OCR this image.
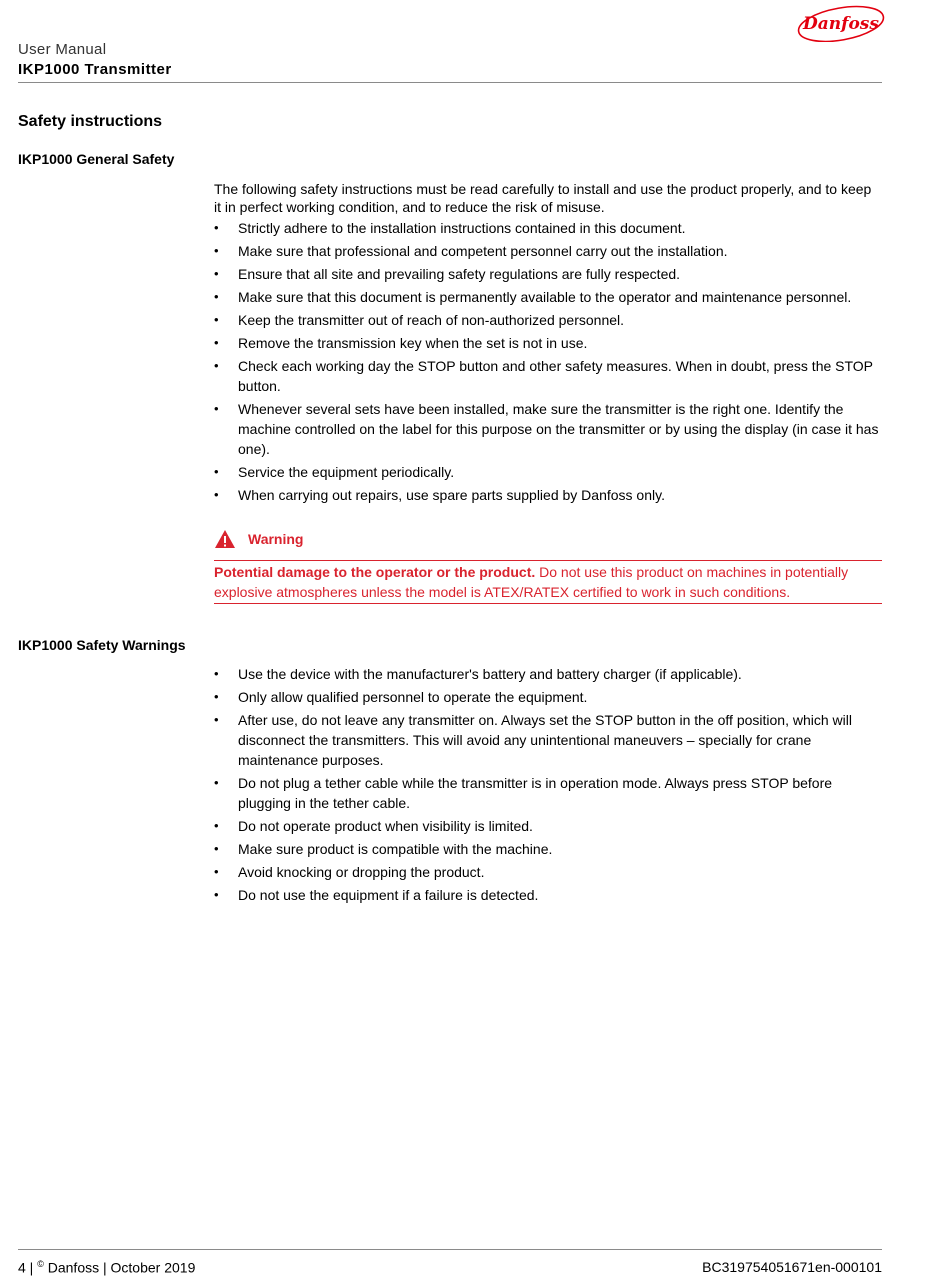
Danfoss
User Manual
IKP1000 Transmitter
Safety instructions
IKP1000 General Safety

The following safety instructions must be read carefully to install and use the product properly, and to keep it in perfect working condition, and to reduce the risk of misuse.

• Strictly adhere to the installation instructions contained in this document.
• Make sure that professional and competent personnel carry out the installation.
• Ensure that all site and prevailing safety regulations are fully respected.
• Make sure that this document is permanently available to the operator and maintenance personnel.
• Keep the transmitter out of reach of non-authorized personnel.
• Remove the transmission key when the set is not in use.
• Check each working day the STOP button and other safety measures. When in doubt, press the STOP button.
• Whenever several sets have been installed, make sure the transmitter is the right one. Identify the machine controlled on the label for this purpose on the transmitter or by using the display (in case it has one).
• Service the equipment periodically.
• When carrying out repairs, use spare parts supplied by Danfoss only.
Warning

Potential damage to the operator or the product. Do not use this product on machines in potentially explosive atmospheres unless the model is ATEX/RATEX certified to work in such conditions.

IKP1000 Safety Warnings
• Use the device with the manufacturer's battery and battery charger (if applicable).
• Only allow qualified personnel to operate the equipment.
• After use, do not leave any transmitter on. Always set the STOP button in the off position, which will disconnect the transmitters. This will avoid any unintentional maneuvers – specially for crane maintenance purposes.
• Do not plug a tether cable while the transmitter is in operation mode. Always press STOP before plugging in the tether cable.
• Do not operate product when visibility is limited.
• Make sure product is compatible with the machine.
• Avoid knocking or dropping the product.
• Do not use the equipment if a failure is detected.
4 | © Danfoss | October 2019	BC319754051671en-000101
